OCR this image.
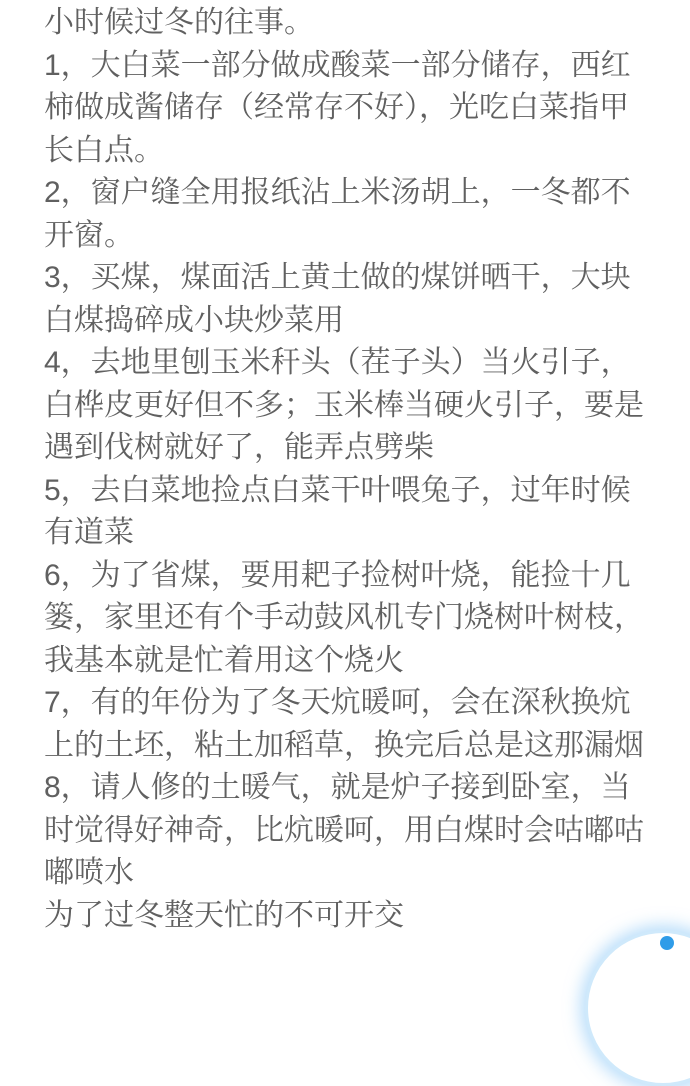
小时候过冬的往事。

1，大白菜一部分做成酸菜一部分储存，西红柿做成酱储存（经常存不好），光吃白菜指甲长白点。

2，窗户缝全用报纸沾上米汤胡上，一冬都不开窗。

3，买煤，煤面活上黄土做的煤饼晒干，大块白煤捣碎成小块炒菜用

4，去地里刨玉米秆头（茬子头）当火引子，白桦皮更好但不多；玉米棒当硬火引子，要是遇到伐树就好了，能弄点劈柴

5，去白菜地捡点白菜干叶喂兔子，过年时候有道菜

6，为了省煤，要用耙子捡树叶烧，能捡十几篓，家里还有个手动鼓风机专门烧树叶树枝，我基本就是忙着用这个烧火

7，有的年份为了冬天炕暖呵，会在深秋换炕上的土坯，粘土加稻草，换完后总是这那漏烟

8，请人修的土暖气，就是炉子接到卧室，当时觉得好神奇，比炕暖呵，用白煤时会咕嘟咕嘟喷水

为了过冬整天忙的不可开交
